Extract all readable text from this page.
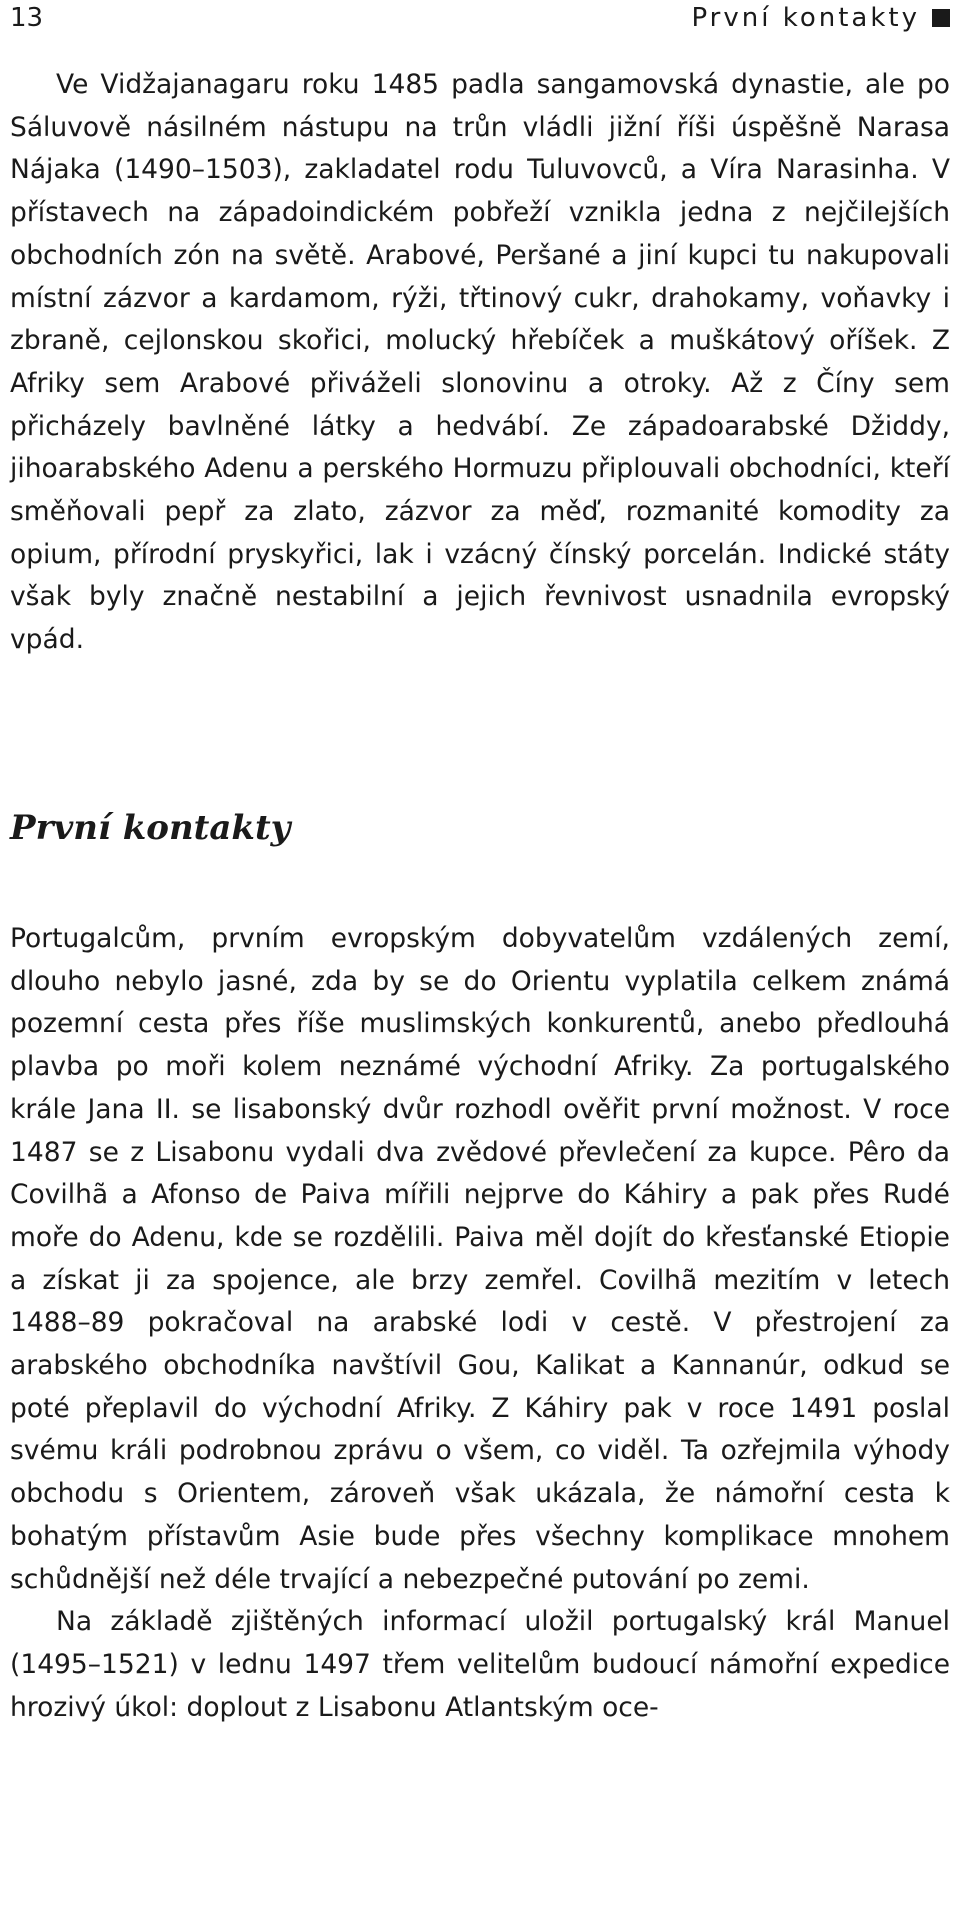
13	První kontakty

Ve Vidžajanagaru roku 1485 padla sangamovská dynastie, ale po Sáluvově násilném nástupu na trůn vládli jižní říši úspěšně Narasa Nájaka (1490–1503), zakladatel rodu Tuluvovců, a Víra Narasinha. V přístavech na západoindickém pobřeží vznikla jedna z nejčilejších obchodních zón na světě. Arabové, Peršané a jiní kupci tu nakupovali místní zázvor a kardamom, rýži, třtinový cukr, drahokamy, voňavky i zbraně, cejlonskou skořici, molucký hřebíček a muškátový oříšek. Z Afriky sem Arabové přiváželi slonovinu a otroky. Až z Číny sem přicházely bavlněné látky a hedvábí. Ze západoarabské Džiddy, jihoarabského Adenu a perského Hormuzu připlouvali obchodníci, kteří směňovali pepř za zlato, zázvor za měď, rozmanité komodity za opium, přírodní pryskyřici, lak i vzácný čínský porcelán. Indické státy však byly značně nestabilní a jejich řevnivost usnadnila evropský vpád.

První kontakty

Portugalcům, prvním evropským dobyvatelům vzdálených zemí, dlouho nebylo jasné, zda by se do Orientu vyplatila celkem známá pozemní cesta přes říše muslimských konkurentů, anebo předlouhá plavba po moři kolem neznámé východní Afriky. Za portugalského krále Jana II. se lisabonský dvůr rozhodl ověřit první možnost. V roce 1487 se z Lisabonu vydali dva zvědové převlečení za kupce. Pêro da Covilhã a Afonso de Paiva mířili nejprve do Káhiry a pak přes Rudé moře do Adenu, kde se rozdělili. Paiva měl dojít do křesťanské Etiopie a získat ji za spojence, ale brzy zemřel. Covilhã mezitím v letech 1488–89 pokračoval na arabské lodi v cestě. V přestrojení za arabského obchodníka navštívil Gou, Kalikat a Kannanúr, odkud se poté přeplavil do východní Afriky. Z Káhiry pak v roce 1491 poslal svému králi podrobnou zprávu o všem, co viděl. Ta ozřejmila výhody obchodu s Orientem, zároveň však ukázala, že námořní cesta k bohatým přístavům Asie bude přes všechny komplikace mnohem schůdnější než déle trvající a nebezpečné putování po zemi.

Na základě zjištěných informací uložil portugalský král Manuel (1495–1521) v lednu 1497 třem velitelům budoucí námořní expedice hrozivý úkol: doplout z Lisabonu Atlantským oce-
